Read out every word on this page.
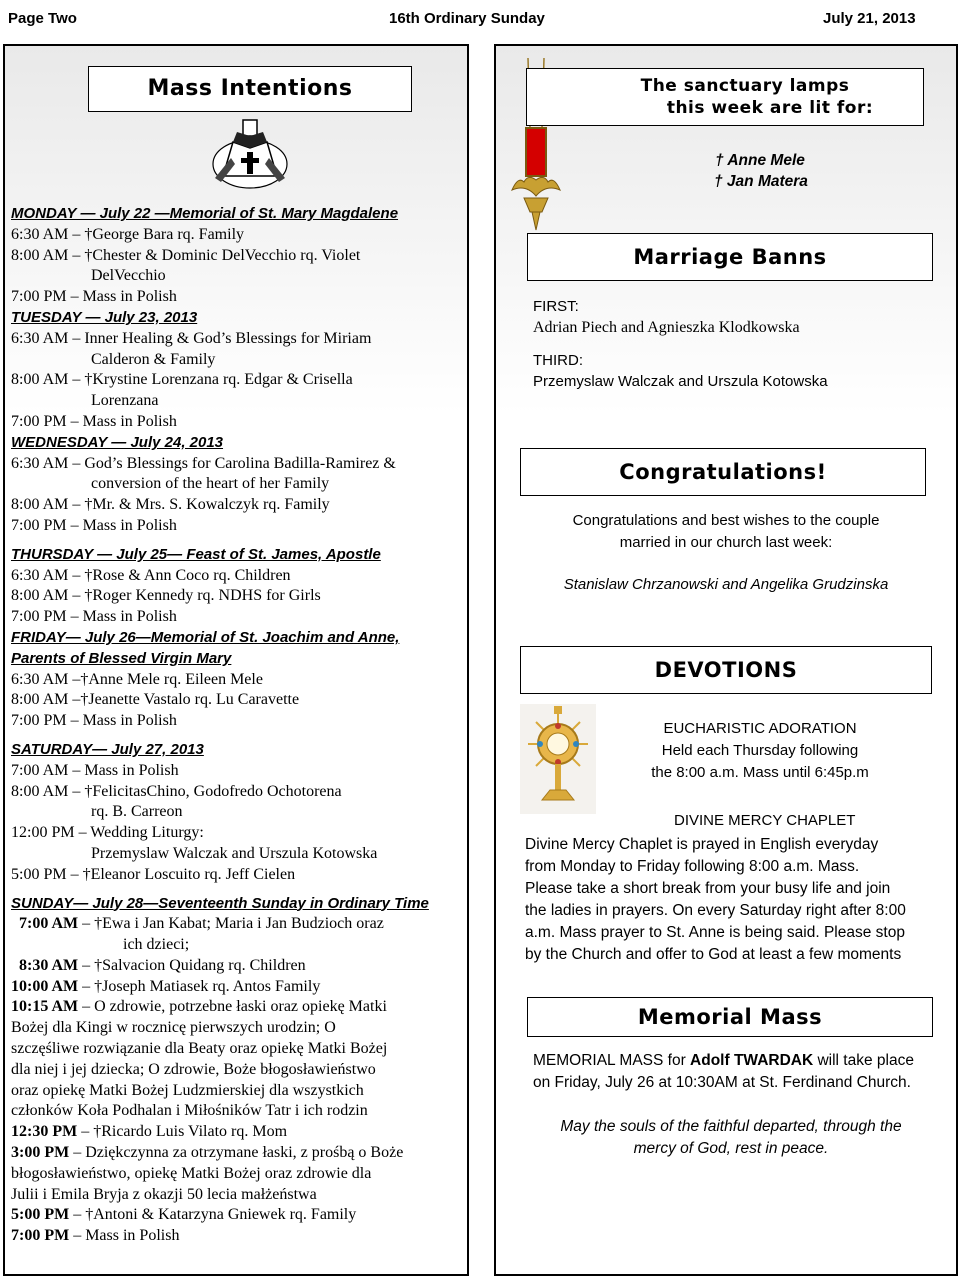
Page Two	16th Ordinary Sunday	July 21, 2013
Mass Intentions
MONDAY — July 22 —Memorial of St. Mary Magdalene
6:30 AM – †George Bara rq. Family
8:00 AM – †Chester & Dominic DelVecchio rq. Violet
DelVecchio
7:00 PM – Mass in Polish
TUESDAY — July 23, 2013
6:30 AM – Inner Healing & God’s Blessings for Miriam
Calderon & Family
8:00 AM – †Krystine Lorenzana rq. Edgar & Crisella
Lorenzana
7:00 PM – Mass in Polish
WEDNESDAY — July 24, 2013
6:30 AM – God’s Blessings for Carolina Badilla-Ramirez &
conversion of the heart of her Family
8:00 AM – †Mr. & Mrs. S. Kowalczyk rq. Family
7:00 PM – Mass in Polish
THURSDAY — July 25— Feast of St. James, Apostle
6:30 AM – †Rose & Ann Coco rq. Children
8:00 AM – †Roger Kennedy rq. NDHS for Girls
7:00 PM – Mass in Polish
FRIDAY— July 26—Memorial of St. Joachim and Anne,
Parents of Blessed Virgin Mary
6:30 AM –†Anne Mele rq. Eileen Mele
8:00 AM –†Jeanette Vastalo rq. Lu Caravette
7:00 PM – Mass in Polish
SATURDAY— July 27, 2013
7:00 AM – Mass in Polish
8:00 AM – †FelicitasChino, Godofredo Ochotorena
rq. B. Carreon
12:00 PM – Wedding Liturgy:
Przemyslaw Walczak and Urszula Kotowska
5:00 PM – †Eleanor Loscuito rq. Jeff Cielen
SUNDAY— July 28—Seventeenth Sunday in Ordinary Time
7:00 AM – †Ewa i Jan Kabat; Maria i Jan Budzioch oraz
ich dzieci;
8:30 AM – †Salvacion Quidang rq. Children
10:00 AM – †Joseph Matiasek rq. Antos Family
10:15 AM – O zdrowie, potrzebne łaski oraz opiekę Matki
Bożej dla Kingi w rocznicę pierwszych urodzin; O
szczęśliwe rozwiązanie dla Beaty oraz opiekę Matki Bożej
dla niej i jej dziecka; O zdrowie, Boże błogosławieństwo
oraz opiekę Matki Bożej Ludzmierskiej dla wszystkich
członków Koła Podhalan i Miłośników Tatr i ich rodzin
12:30 PM – †Ricardo Luis Vilato rq. Mom
3:00 PM – Dziękczynna za otrzymane łaski, z prośbą o Boże
błogosławieństwo, opiekę Matki Bożej oraz zdrowie dla
Julii i Emila Bryja z okazji 50 lecia małżeństwa
5:00 PM – †Antoni & Katarzyna Gniewek rq. Family
7:00 PM – Mass in Polish
The sanctuary lamps
this week are lit for:
† Anne Mele
† Jan Matera
Marriage Banns
FIRST:
Adrian Piech and Agnieszka Klodkowska
THIRD:
Przemyslaw Walczak and Urszula Kotowska
Congratulations!
Congratulations and best wishes to the couple
married in our church last week:
Stanislaw Chrzanowski and Angelika Grudzinska
DEVOTIONS
EUCHARISTIC ADORATION
Held each Thursday following
the 8:00 a.m. Mass until 6:45p.m
DIVINE MERCY CHAPLET
Divine Mercy Chaplet is prayed in English everyday
from Monday to Friday following 8:00 a.m. Mass.
Please take a short break from your busy life and join
the ladies in prayers. On every Saturday right after 8:00
a.m. Mass prayer to St. Anne is being said. Please stop
by the Church and offer to God at least a few moments
Memorial Mass
MEMORIAL MASS for Adolf TWARDAK will take place
on Friday, July 26 at 10:30AM at St. Ferdinand Church.
May the souls of the faithful departed, through the
mercy of God, rest in peace.
